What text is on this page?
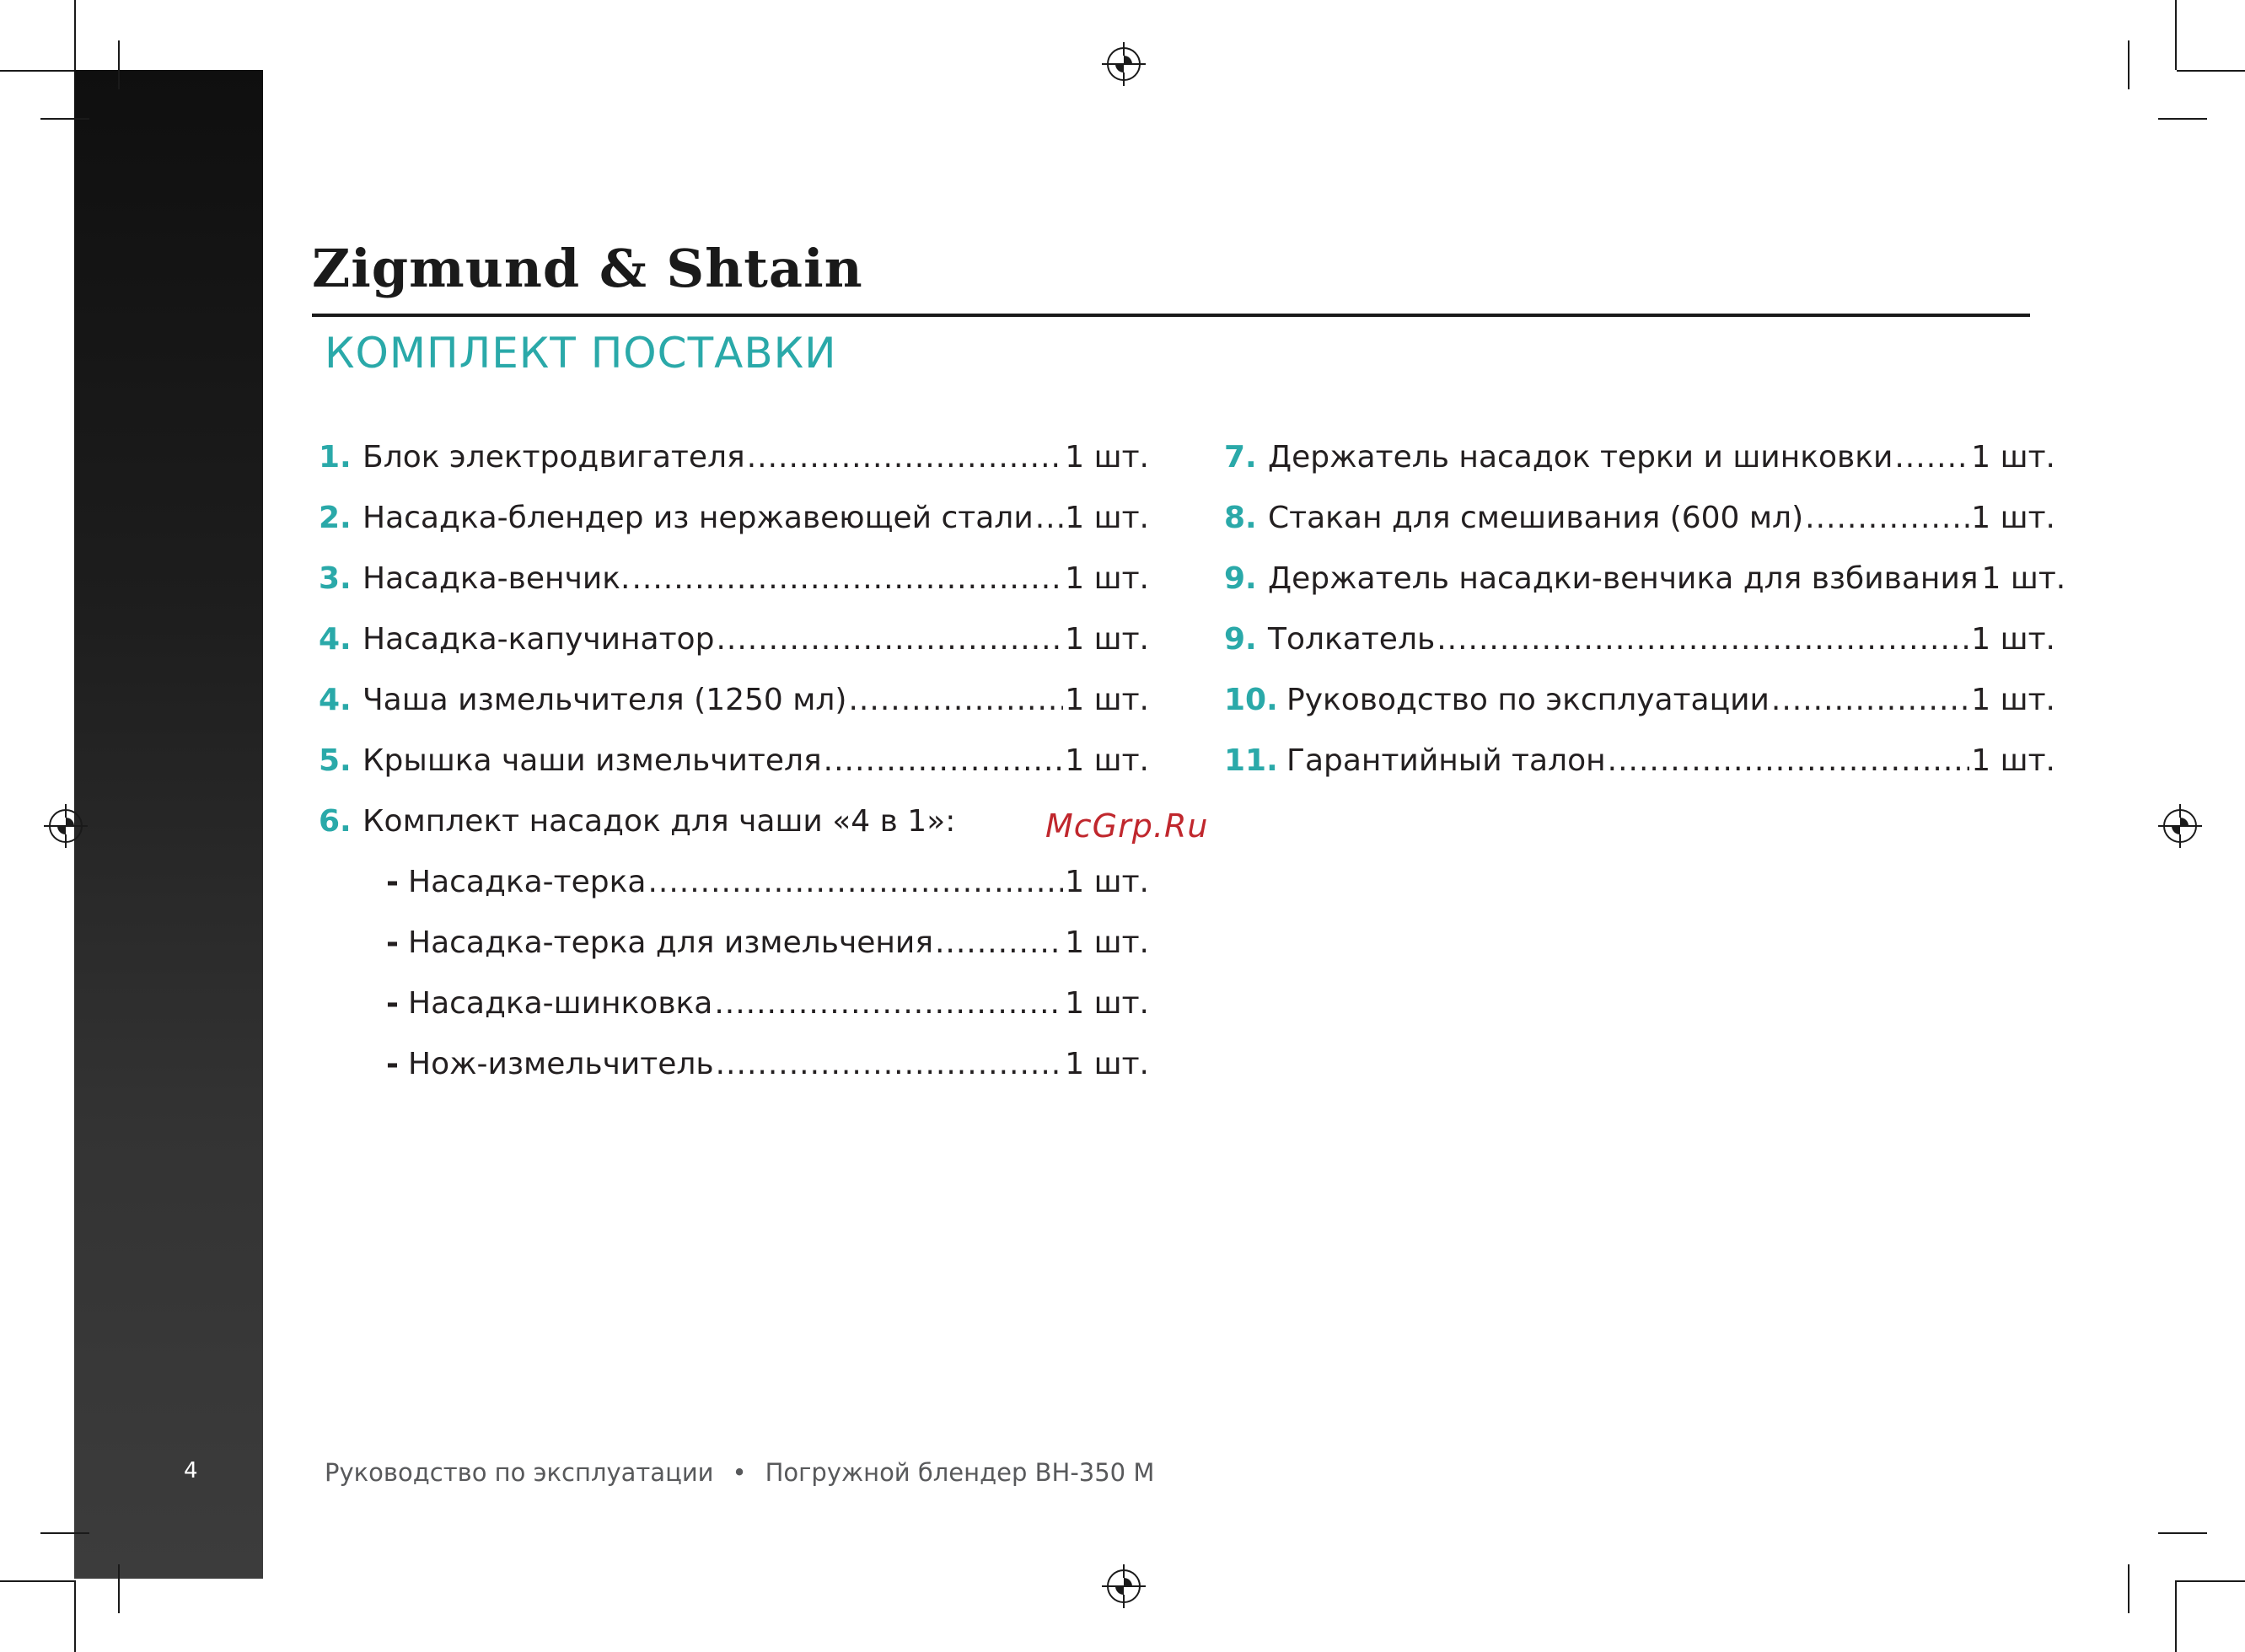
4
Zigmund & Shtain
КОМПЛЕКТ ПОСТАВКИ
1. Блок электродвигателя .....	1 шт.
2. Насадка-блендер из нержавеющей стали ..... 1 шт.
3. Насадка-венчик. .....	1 шт.
4. Насадка-капучинатор .....	1 шт.
4. Чаша измельчителя (1250 мл) .....	1 шт.
5. Крышка чаши измельчителя .....	1 шт.
6. Комплект насадок для чаши «4 в 1»:
- Насадка-терка .....	1 шт.
- Насадка-терка для измельчения .....	1 шт.
- Насадка-шинковка .....	1 шт.
- Нож-измельчитель .....	1 шт.
7. Держатель насадок терки и шинковки .....	1 шт.
8. Стакан для смешивания (600 мл) .....	1 шт.
9. Держатель насадки-венчика для взбивания 1 шт.
9. Толкатель .....	1 шт.
10. Руководство по эксплуатации .....	1 шт.
11. Гарантийный талон .....	1 шт.
McGrp.Ru
Руководство по эксплуатации • Погружной блендер BH-350 M
